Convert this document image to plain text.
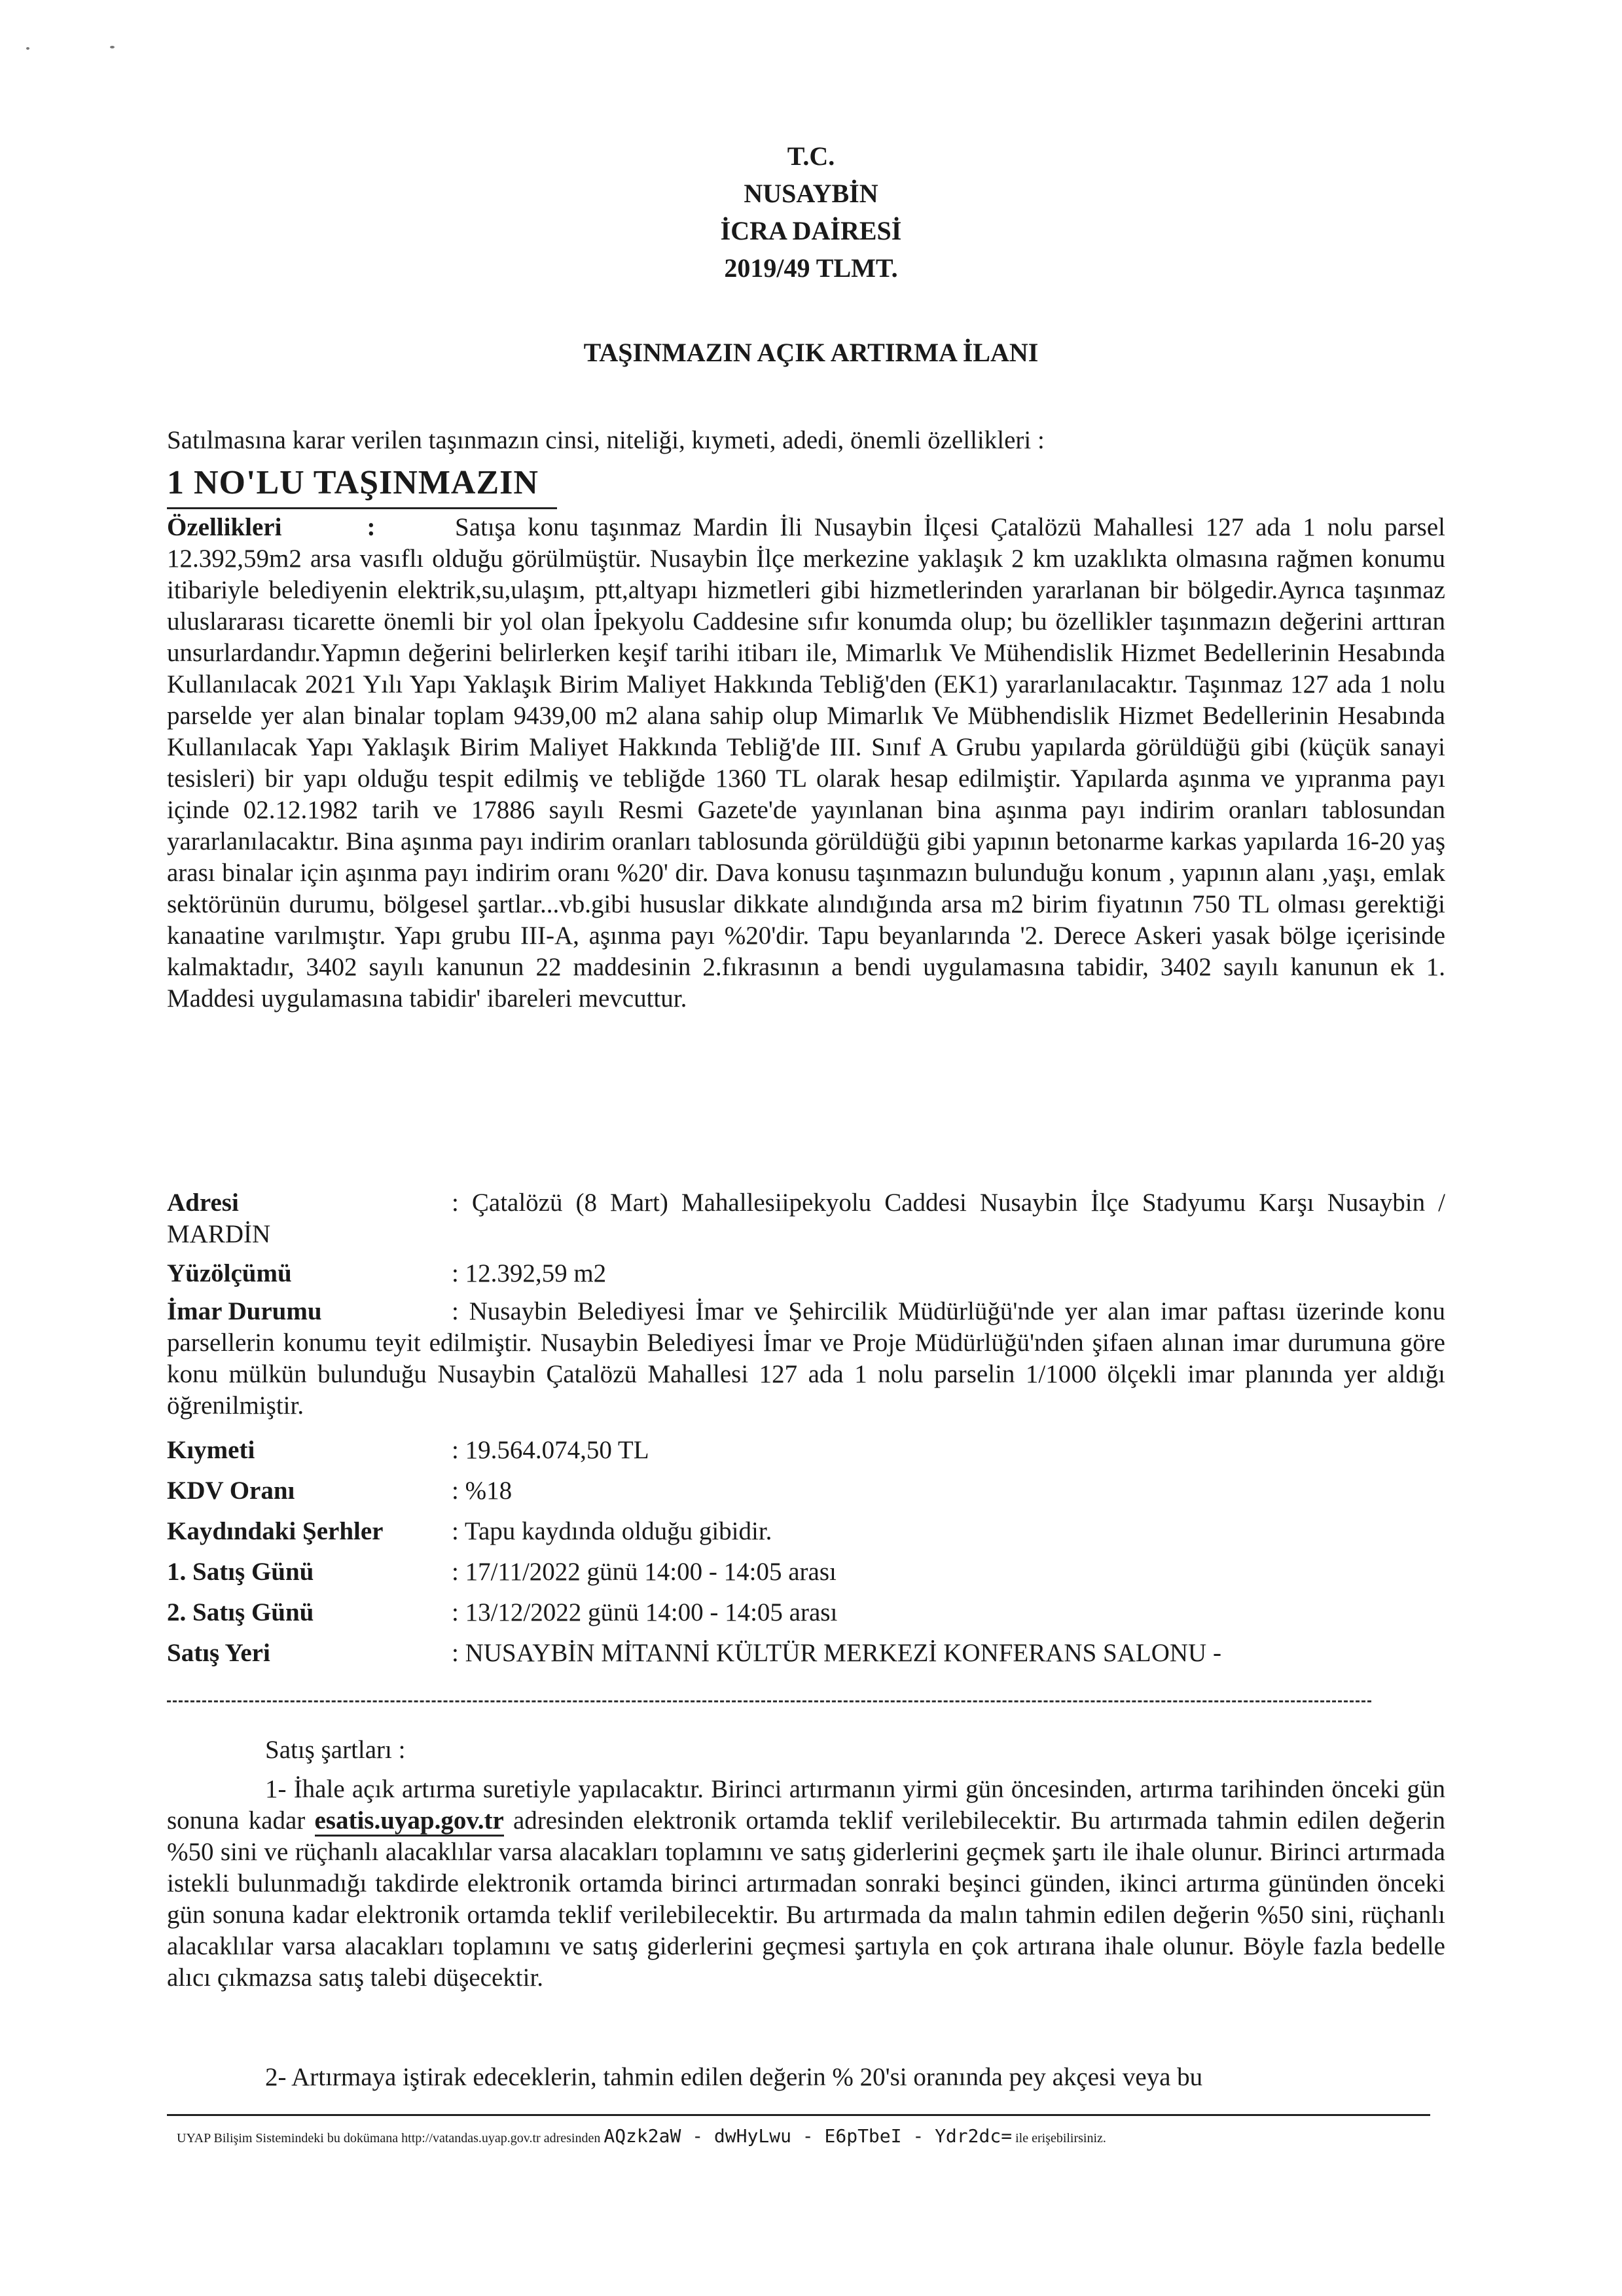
T.C.
NUSAYBİN
İCRA DAİRESİ
2019/49 TLMT.
TAŞINMAZIN AÇIK ARTIRMA İLANI
Satılmasına karar verilen taşınmazın cinsi, niteliği, kıymeti, adedi, önemli özellikleri :
1 NO'LU TAŞINMAZIN
Özellikleri	:	Satışa konu taşınmaz Mardin İli Nusaybin İlçesi Çatalözü Mahallesi 127 ada 1 nolu parsel 12.392,59m2 arsa vasıflı olduğu görülmüştür. Nusaybin İlçe merkezine yaklaşık 2 km uzaklıkta olmasına rağmen konumu itibariyle belediyenin elektrik,su,ulaşım, ptt,altyapı hizmetleri gibi hizmetlerinden yararlanan bir bölgedir.Ayrıca taşınmaz uluslararası ticarette önemli bir yol olan İpekyolu Caddesine sıfır konumda olup; bu özellikler taşınmazın değerini arttıran unsurlardandır.Yapmın değerini belirlerken keşif tarihi itibarı ile, Mimarlık Ve Mühendislik Hizmet Bedellerinin Hesabında Kullanılacak 2021 Yılı Yapı Yaklaşık Birim Maliyet Hakkında Tebliğ'den (EK1) yararlanılacaktır. Taşınmaz 127 ada 1 nolu parselde yer alan binalar toplam 9439,00 m2 alana sahip olup Mimarlık Ve Mübhendislik Hizmet Bedellerinin Hesabında Kullanılacak Yapı Yaklaşık Birim Maliyet Hakkında Tebliğ'de III. Sınıf A Grubu yapılarda görüldüğü gibi (küçük sanayi tesisleri) bir yapı olduğu tespit edilmiş ve tebliğde 1360 TL olarak hesap edilmiştir. Yapılarda aşınma ve yıpranma payı içinde 02.12.1982 tarih ve 17886 sayılı Resmi Gazete'de yayınlanan bina aşınma payı indirim oranları tablosundan yararlanılacaktır. Bina aşınma payı indirim oranları tablosunda görüldüğü gibi yapının betonarme karkas yapılarda 16-20 yaş arası binalar için aşınma payı indirim oranı %20' dir. Dava konusu taşınmazın bulunduğu konum , yapının alanı ,yaşı, emlak sektörünün durumu, bölgesel şartlar...vb.gibi hususlar dikkate alındığında arsa m2 birim fiyatının 750 TL olması gerektiği kanaatine varılmıştır. Yapı grubu III-A, aşınma payı %20'dir. Tapu beyanlarında '2. Derece Askeri yasak bölge içerisinde kalmaktadır, 3402 sayılı kanunun 22 maddesinin 2.fıkrasının a bendi uygulamasına tabidir, 3402 sayılı kanunun ek 1. Maddesi uygulamasına tabidir' ibareleri mevcuttur.
Adresi	: Çatalözü (8 Mart) Mahallesiipekyolu Caddesi Nusaybin İlçe Stadyumu Karşı Nusaybin / MARDİN
Yüzölçümü	: 12.392,59 m2
İmar Durumu	: Nusaybin Belediyesi İmar ve Şehircilik Müdürlüğü'nde yer alan imar paftası üzerinde konu parsellerin konumu teyit edilmiştir. Nusaybin Belediyesi İmar ve Proje Müdürlüğü'nden şifaen alınan imar durumuna göre konu mülkün bulunduğu Nusaybin Çatalözü Mahallesi 127 ada 1 nolu parselin 1/1000 ölçekli imar planında yer aldığı öğrenilmiştir.
Kıymeti	: 19.564.074,50 TL
KDV Oranı	: %18
Kaydındaki Şerhler	: Tapu kaydında olduğu gibidir.
1. Satış Günü	: 17/11/2022 günü 14:00 - 14:05 arası
2. Satış Günü	: 13/12/2022 günü 14:00 - 14:05 arası
Satış Yeri	: NUSAYBİN MİTANNİ KÜLTÜR MERKEZİ KONFERANS SALONU -
Satış şartları :
1- İhale açık artırma suretiyle yapılacaktır. Birinci artırmanın yirmi gün öncesinden, artırma tarihinden önceki gün sonuna kadar esatis.uyap.gov.tr adresinden elektronik ortamda teklif verilebilecektir. Bu artırmada tahmin edilen değerin %50 sini ve rüçhanlı alacaklılar varsa alacakları toplamını ve satış giderlerini geçmek şartı ile ihale olunur. Birinci artırmada istekli bulunmadığı takdirde elektronik ortamda birinci artırmadan sonraki beşinci günden, ikinci artırma gününden önceki gün sonuna kadar elektronik ortamda teklif verilebilecektir. Bu artırmada da malın tahmin edilen değerin %50 sini, rüçhanlı alacaklılar varsa alacakları toplamını ve satış giderlerini geçmesi şartıyla en çok artırana ihale olunur. Böyle fazla bedelle alıcı çıkmazsa satış talebi düşecektir.
2- Artırmaya iştirak edeceklerin, tahmin edilen değerin % 20'si oranında pey akçesi veya bu
UYAP Bilişim Sistemindeki bu dokümana http://vatandas.uyap.gov.tr adresinden AQzk2aW - dwHyLwu - E6pTbeI - Ydr2dc= ile erişebilirsiniz.
